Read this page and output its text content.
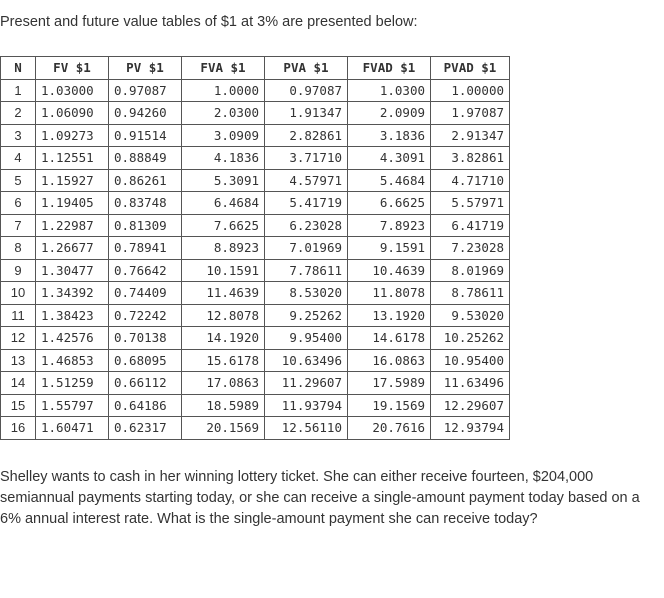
Present and future value tables of $1 at 3% are presented below:
N	FV $1	PV $1	FVA $1	PVA $1	FVAD $1	PVAD $1
1	1.03000	0.97087	1.0000	0.97087	1.0300	1.00000
2	1.06090	0.94260	2.0300	1.91347	2.0909	1.97087
3	1.09273	0.91514	3.0909	2.82861	3.1836	2.91347
4	1.12551	0.88849	4.1836	3.71710	4.3091	3.82861
5	1.15927	0.86261	5.3091	4.57971	5.4684	4.71710
6	1.19405	0.83748	6.4684	5.41719	6.6625	5.57971
7	1.22987	0.81309	7.6625	6.23028	7.8923	6.41719
8	1.26677	0.78941	8.8923	7.01969	9.1591	7.23028
9	1.30477	0.76642	10.1591	7.78611	10.4639	8.01969
10	1.34392	0.74409	11.4639	8.53020	11.8078	8.78611
11	1.38423	0.72242	12.8078	9.25262	13.1920	9.53020
12	1.42576	0.70138	14.1920	9.95400	14.6178	10.25262
13	1.46853	0.68095	15.6178	10.63496	16.0863	10.95400
14	1.51259	0.66112	17.0863	11.29607	17.5989	11.63496
15	1.55797	0.64186	18.5989	11.93794	19.1569	12.29607
16	1.60471	0.62317	20.1569	12.56110	20.7616	12.93794
Shelley wants to cash in her winning lottery ticket. She can either receive fourteen, $204,000 semiannual payments starting today, or she can receive a single-amount payment today based on a 6% annual interest rate. What is the single-amount payment she can receive today?
